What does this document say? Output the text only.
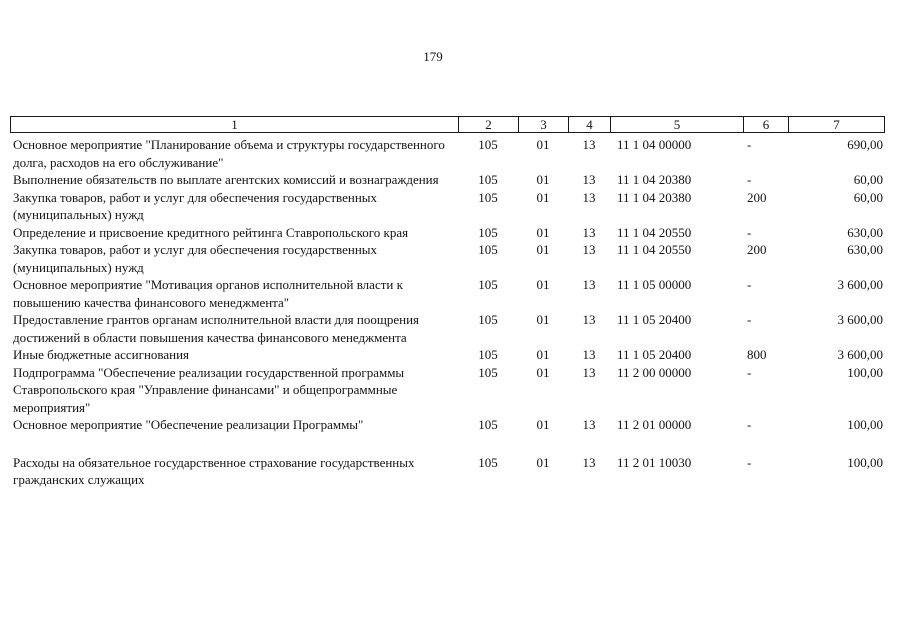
179
1	2	3	4	5	6	7
Основное мероприятие "Планирование объема и структуры государственного долга, расходов на его обслуживание"	105	01	13	11 1 04 00000	-	690,00
Выполнение обязательств по выплате агентских комиссий и вознаграждения	105	01	13	11 1 04 20380	-	60,00
Закупка товаров, работ и услуг для обеспечения государственных (муниципальных) нужд	105	01	13	11 1 04 20380	200	60,00
Определение и присвоение кредитного рейтинга Ставропольского края	105	01	13	11 1 04 20550	-	630,00
Закупка товаров, работ и услуг для обеспечения государственных (муниципальных) нужд	105	01	13	11 1 04 20550	200	630,00
Основное мероприятие "Мотивация органов исполнительной власти к повышению качества финансового менеджмента"	105	01	13	11 1 05 00000	-	3 600,00
Предоставление грантов органам исполнительной власти для поощрения достижений в области повышения качества финансового менеджмента	105	01	13	11 1 05 20400	-	3 600,00
Иные бюджетные ассигнования	105	01	13	11 1 05 20400	800	3 600,00
Подпрограмма "Обеспечение реализации государственной программы Ставропольского края "Управление финансами" и общепрограммные мероприятия"	105	01	13	11 2 00 00000	-	100,00
Основное мероприятие "Обеспечение реализации Программы"	105	01	13	11 2 01 00000	-	100,00

Расходы на обязательное государственное страхование государственных гражданских служащих	105	01	13	11 2 01 10030	-	100,00
